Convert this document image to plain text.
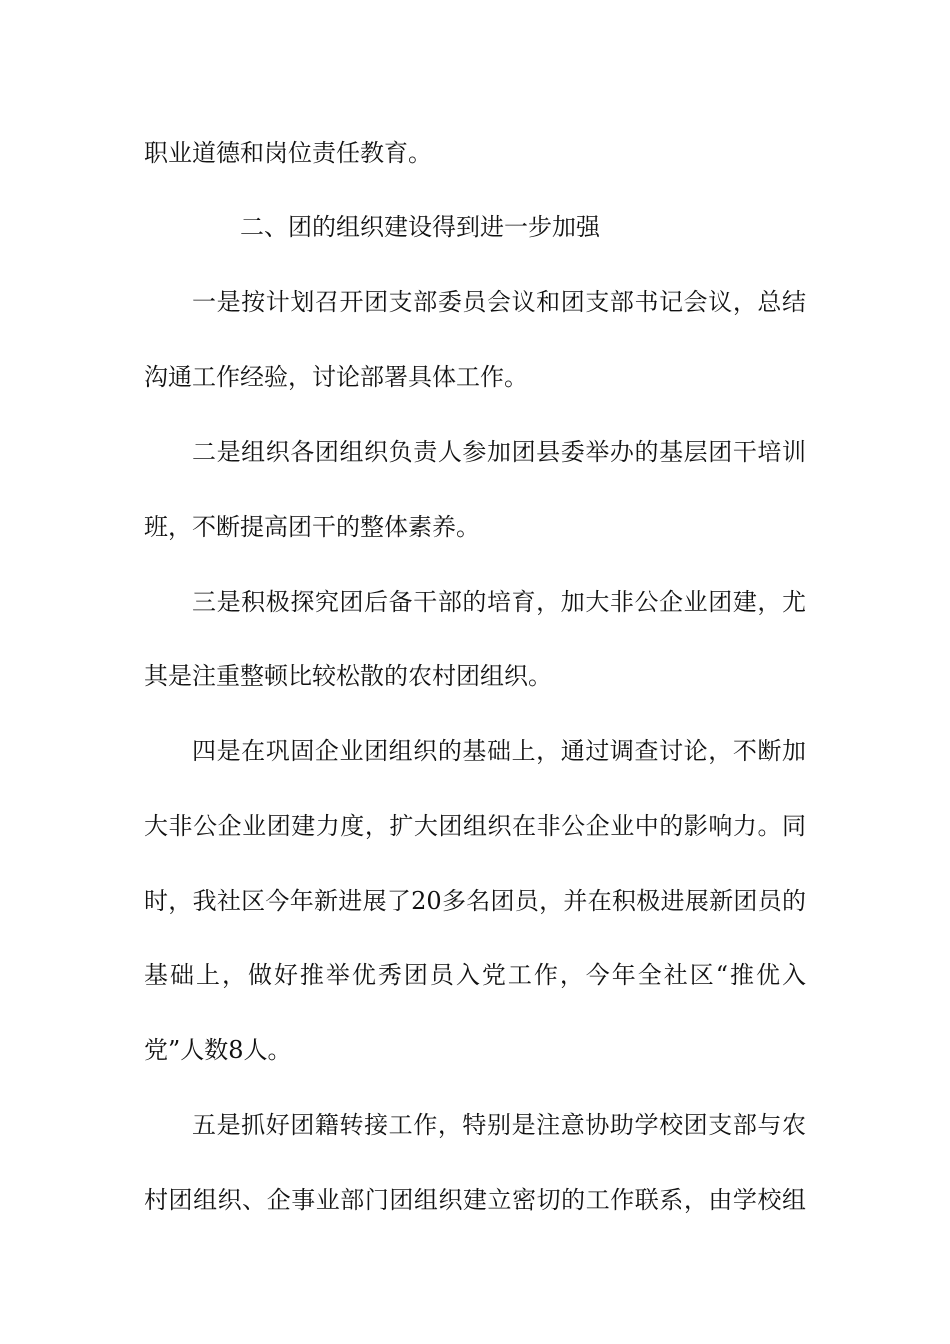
职业道德和岗位责任教育。
二、团的组织建设得到进一步加强
一是按计划召开团支部委员会议和团支部书记会议，总结
沟通工作经验，讨论部署具体工作。
二是组织各团组织负责人参加团县委举办的基层团干培训
班，不断提高团干的整体素养。
三是积极探究团后备干部的培育，加大非公企业团建，尤
其是注重整顿比较松散的农村团组织。
四是在巩固企业团组织的基础上，通过调查讨论，不断加
大非公企业团建力度，扩大团组织在非公企业中的影响力。同
时，我社区今年新进展了20多名团员，并在积极进展新团员的
基础上，做好推举优秀团员入党工作，今年全社区“推优入
党”人数8人。
五是抓好团籍转接工作，特别是注意协助学校团支部与农
村团组织、企事业部门团组织建立密切的工作联系，由学校组
